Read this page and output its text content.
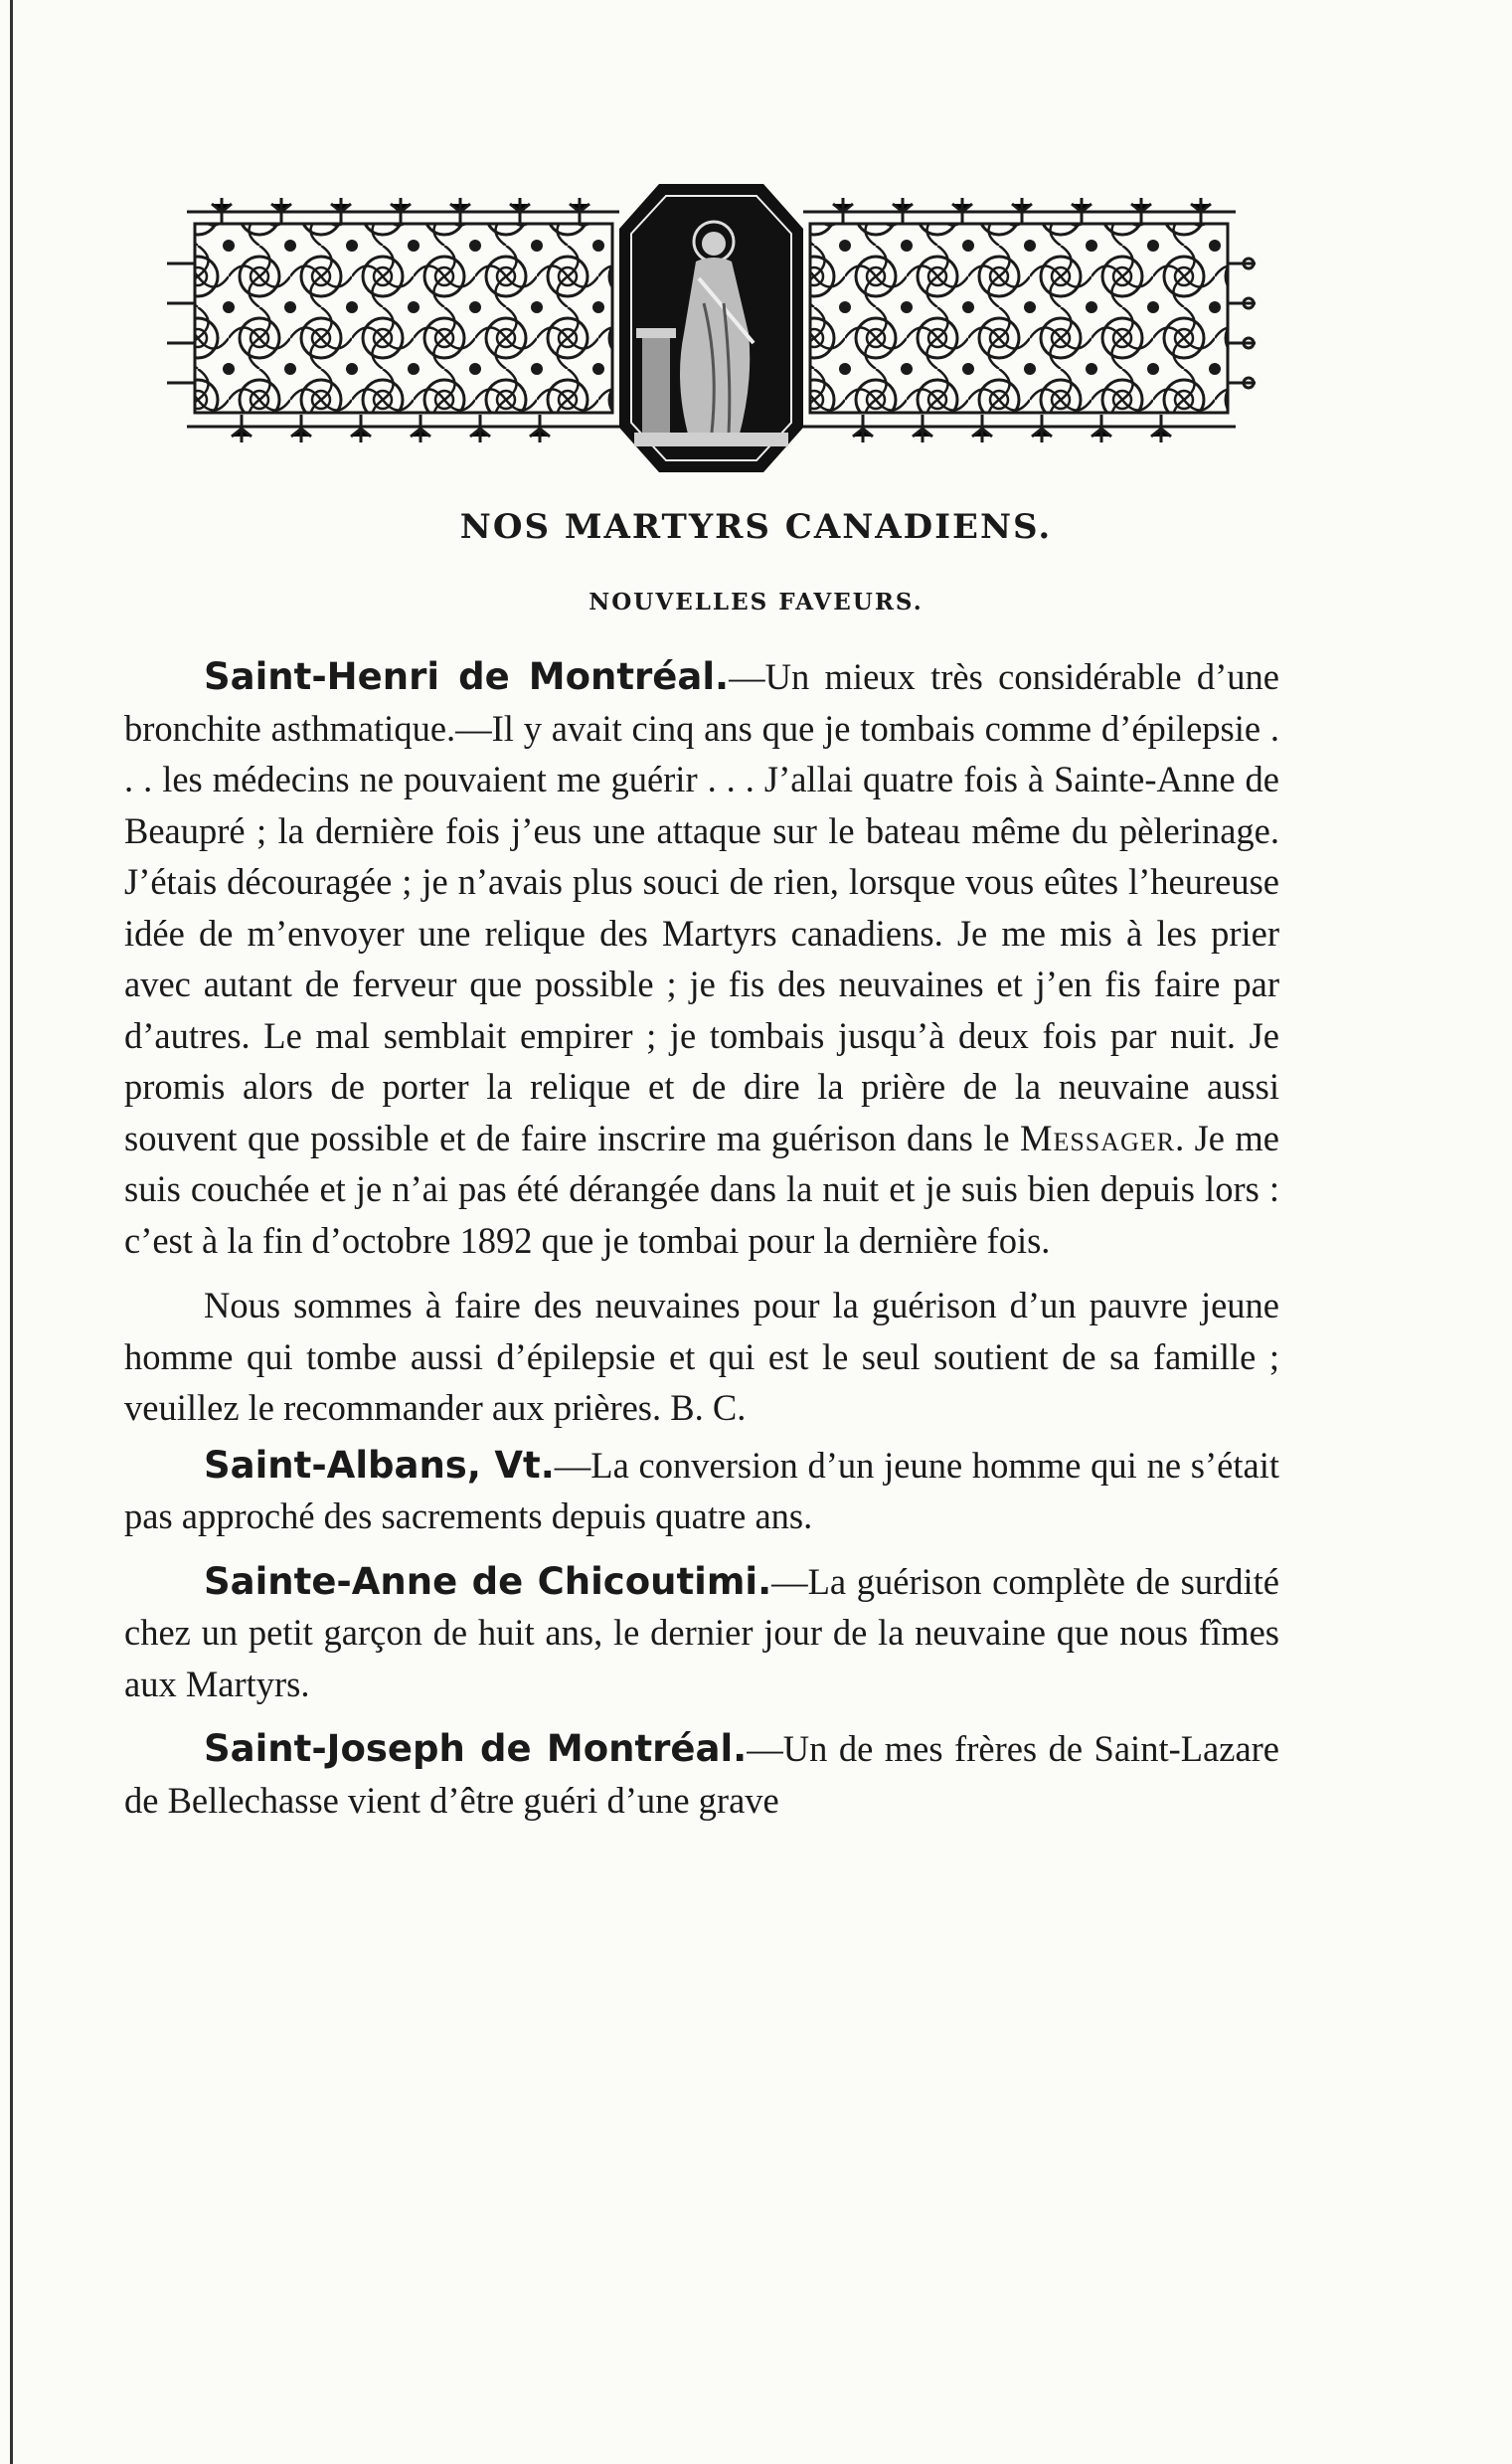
NOS MARTYRS CANADIENS.
NOUVELLES FAVEURS.

Saint-Henri de Montréal.—Un mieux très considérable d’une bronchite asthmatique.—Il y avait cinq ans que je tombais comme d’épilepsie . . . les médecins ne pouvaient me guérir . . . J’allai quatre fois à Sainte-Anne de Beaupré ; la dernière fois j’eus une attaque sur le bateau même du pèlerinage. J’étais découragée ; je n’avais plus souci de rien, lorsque vous eûtes l’heureuse idée de m’envoyer une relique des Martyrs canadiens. Je me mis à les prier avec autant de ferveur que possible ; je fis des neuvaines et j’en fis faire par d’autres. Le mal semblait empirer ; je tombais jusqu’à deux fois par nuit. Je promis alors de porter la relique et de dire la prière de la neuvaine aussi souvent que possible et de faire inscrire ma guérison dans le Messager. Je me suis couchée et je n’ai pas été dérangée dans la nuit et je suis bien depuis lors : c’est à la fin d’octobre 1892 que je tombai pour la dernière fois.

Nous sommes à faire des neuvaines pour la guérison d’un pauvre jeune homme qui tombe aussi d’épilepsie et qui est le seul soutient de sa famille ; veuillez le recommander aux prières. B. C.

Saint-Albans, Vt.—La conversion d’un jeune homme qui ne s’était pas approché des sacrements depuis quatre ans.

Sainte-Anne de Chicoutimi.—La guérison complète de surdité chez un petit garçon de huit ans, le dernier jour de la neuvaine que nous fîmes aux Martyrs.

Saint-Joseph de Montréal.—Un de mes frères de Saint-Lazare de Bellechasse vient d’être guéri d’une grave
